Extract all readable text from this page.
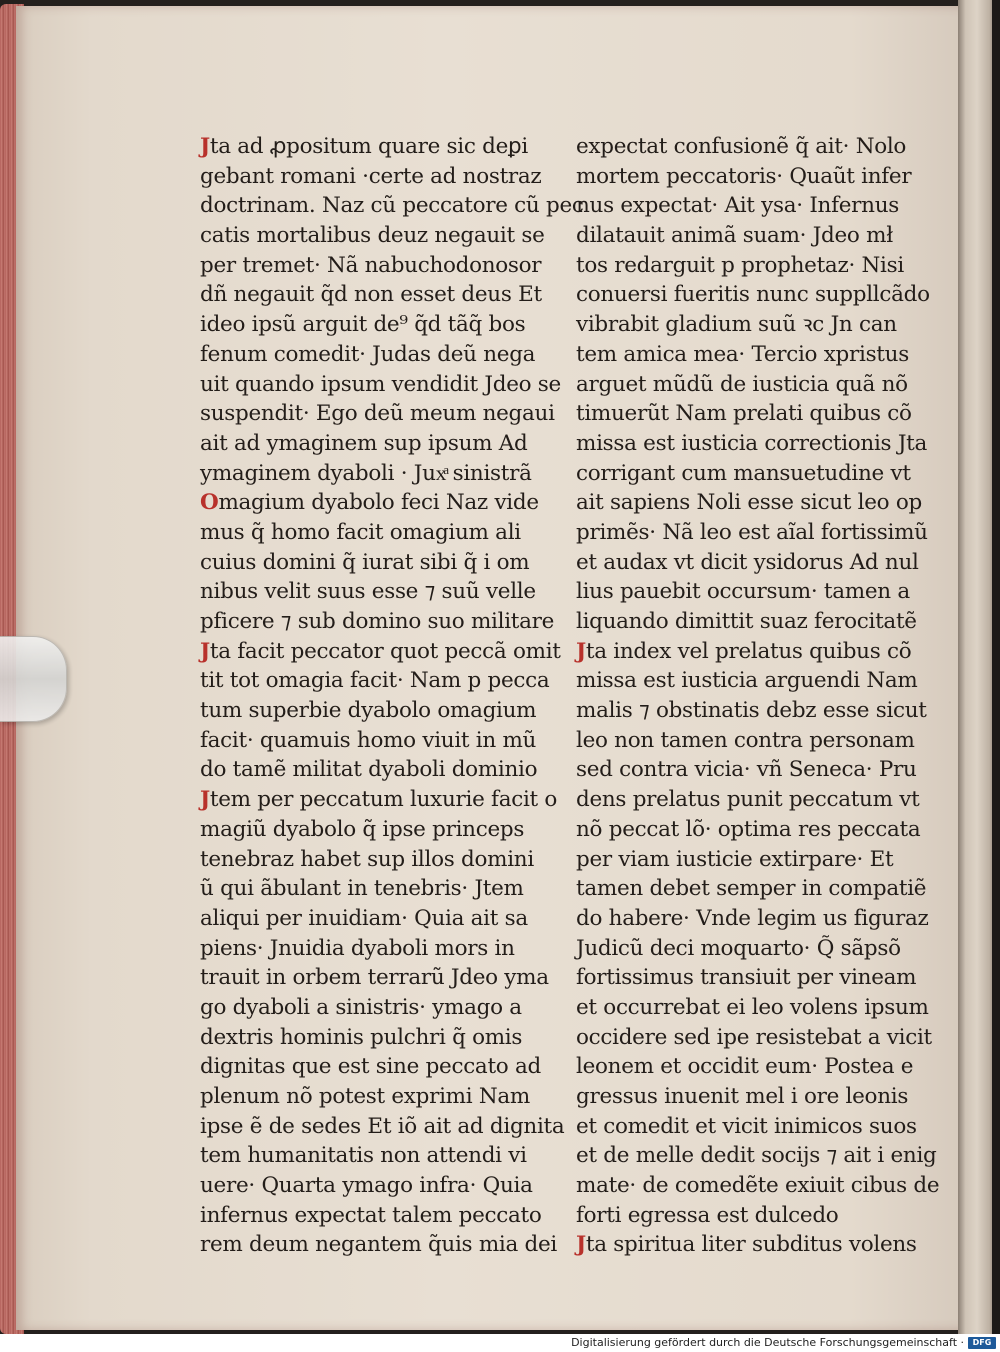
Jta ad ꝓpositum quare sic deꝑi
gebant romani ·certe ad nostraz
doctrinam. Naz cũ peccatore cũ pec
catis mortalibus deuz negauit se
per tremet· Nã nabuchodonosor
dñ negauit q̃d non esset deus Et
ideo ipsũ arguit de⁹ q̃d tãq̃ bos
fenum comedit· Judas deũ nega
uit quando ipsum vendidit Jdeo se
suspendit· Ego deũ meum negaui
ait ad ymaginem sup ipsum Ad
ymaginem dyaboli · Juxͣ sinistrã
Omagium dyabolo feci Naz vide
mus q̃ homo facit omagium ali
cuius domini q̃ iurat sibi q̃ i om
nibus velit suus esse ⁊ suũ velle
pficere ⁊ sub domino suo militare
Jta facit peccator quot peccã omit
tit tot omagia facit· Nam p pecca
tum superbie dyabolo omagium
facit· quamuis homo viuit in mũ
do tamẽ militat dyaboli dominio
Jtem per peccatum luxurie facit o
magiũ dyabolo q̃ ipse princeps
tenebraz habet sup illos domini
ũ qui ãbulant in tenebris· Jtem
aliqui per inuidiam· Quia ait sa
piens· Jnuidia dyaboli mors in
trauit in orbem terrarũ Jdeo yma
go dyaboli a sinistris· ymago a
dextris hominis pulchri q̃ omis
dignitas que est sine peccato ad
plenum nõ potest exprimi Nam
ipse ẽ de sedes Et iõ ait ad dignita
tem humanitatis non attendi vi
uere· Quarta ymago infra· Quia
infernus expectat talem peccato
rem deum negantem q̃uis mia dei
expectat confusionẽ q̃ ait· Nolo
mortem peccatoris· Quaũt infer
nus expectat· Ait ysa· Infernus
dilatauit animã suam· Jdeo mł
tos redarguit p prophetaz· Nisi
conuersi fueritis nunc suppllcãdo
vibrabit gladium suũ ꝛc Jn can
tem amica mea· Tercio xpristus
arguet mũdũ de iusticia quã nõ
timuerũt Nam prelati quibus cõ
missa est iusticia correctionis Jta
corrigant cum mansuetudine vt
ait sapiens Noli esse sicut leo op
primẽs· Nã leo est aĩal fortissimũ
et audax vt dicit ysidorus Ad nul
lius pauebit occursum· tamen a
liquando dimittit suaz ferocitatẽ
Jta index vel prelatus quibus cõ
missa est iusticia arguendi Nam
malis ⁊ obstinatis debz esse sicut
leo non tamen contra personam
sed contra vicia· vñ Seneca· Pru
dens prelatus punit peccatum vt
nõ peccat lõ· optima res peccata
per viam iusticie extirpare· Et
tamen debet semper in compatiẽ
do habere· Vnde legim us figuraz
Judicũ deci moquarto· Q̃ sãpsõ
fortissimus transiuit per vineam
et occurrebat ei leo volens ipsum
occidere sed ipe resistebat a vicit
leonem et occidit eum· Postea e
gressus inuenit mel i ore leonis
et comedit et vicit inimicos suos
et de melle dedit socijs ⁊ ait i enig
mate· de comedẽte exiuit cibus de
forti egressa est dulcedo
Jta spiritua liter subditus volens
Digitalisierung gefördert durch die Deutsche Forschungsgemeinschaft ·	DFG
